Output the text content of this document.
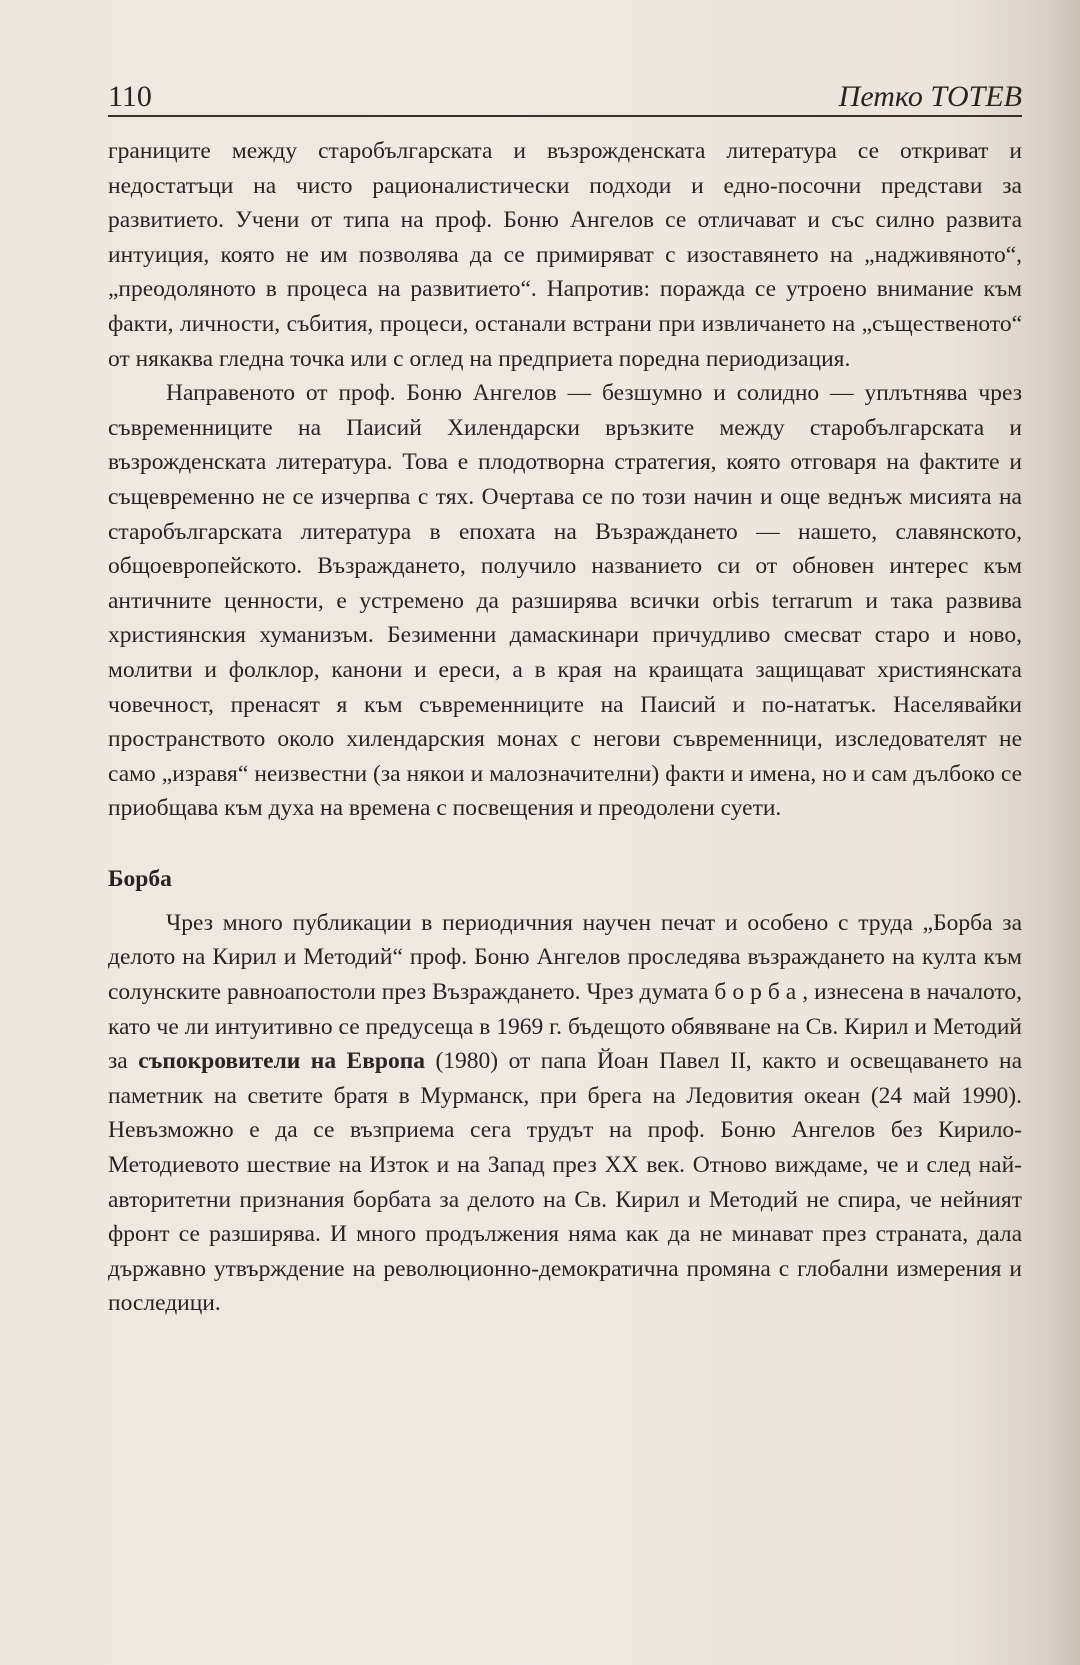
110	Петко ТОТЕВ

границите между старобългарската и възрожденската литература се откриват и недостатъци на чисто рационалистически подходи и едно-посочни представи за развитието. Учени от типа на проф. Боню Ангелов се отличават и със силно развита интуиция, която не им позволява да се примиряват с изоставянето на „надживяното“, „преодоляното в процеса на развитието“. Напротив: поражда се утроено внимание към факти, личности, събития, процеси, останали встрани при извличането на „същественото“ от някаква гледна точка или с оглед на предприета поредна периодизация.

Направеното от проф. Боню Ангелов — безшумно и солидно — уплътнява чрез съвременниците на Паисий Хилендарски връзките между старобългарската и възрожденската литература. Това е плодотворна стратегия, която отговаря на фактите и същевременно не се изчерпва с тях. Очертава се по този начин и още веднъж мисията на старобългарската литература в епохата на Възраждането — нашето, славянското, общоевропейското. Възраждането, получило названието си от обновен интерес към античните ценности, е устремено да разширява всички orbis terrarum и така развива християнския хуманизъм. Безименни дамаскинари причудливо смесват старо и ново, молитви и фолклор, канони и ереси, а в края на краищата защищават християнската човечност, пренасят я към съвременниците на Паисий и по-нататък. Населявайки пространството около хилендарския монах с негови съвременници, изследователят не само „изравя“ неизвестни (за някои и малозначителни) факти и имена, но и сам дълбоко се приобщава към духа на времена с посвещения и преодолени суети.

Борба

Чрез много публикации в периодичния научен печат и особено с труда „Борба за делото на Кирил и Методий“ проф. Боню Ангелов проследява възраждането на култа към солунските равноапостоли през Възраждането. Чрез думата борба, изнесена в началото, като че ли интуитивно се предусеща в 1969 г. бъдещото обявяване на Св. Кирил и Методий за съпокровители на Европа (1980) от папа Йоан Павел II, както и освещаването на паметник на светите братя в Мурманск, при брега на Ледовития океан (24 май 1990). Невъзможно е да се възприема сега трудът на проф. Боню Ангелов без Кирило-Методиевото шествие на Изток и на Запад през XX век. Отново виждаме, че и след най-авторитетни признания борбата за делото на Св. Кирил и Методий не спира, че нейният фронт се разширява. И много продължения няма как да не минават през страната, дала държавно утвърждение на революционно-демократична промяна с глобални измерения и последици.
